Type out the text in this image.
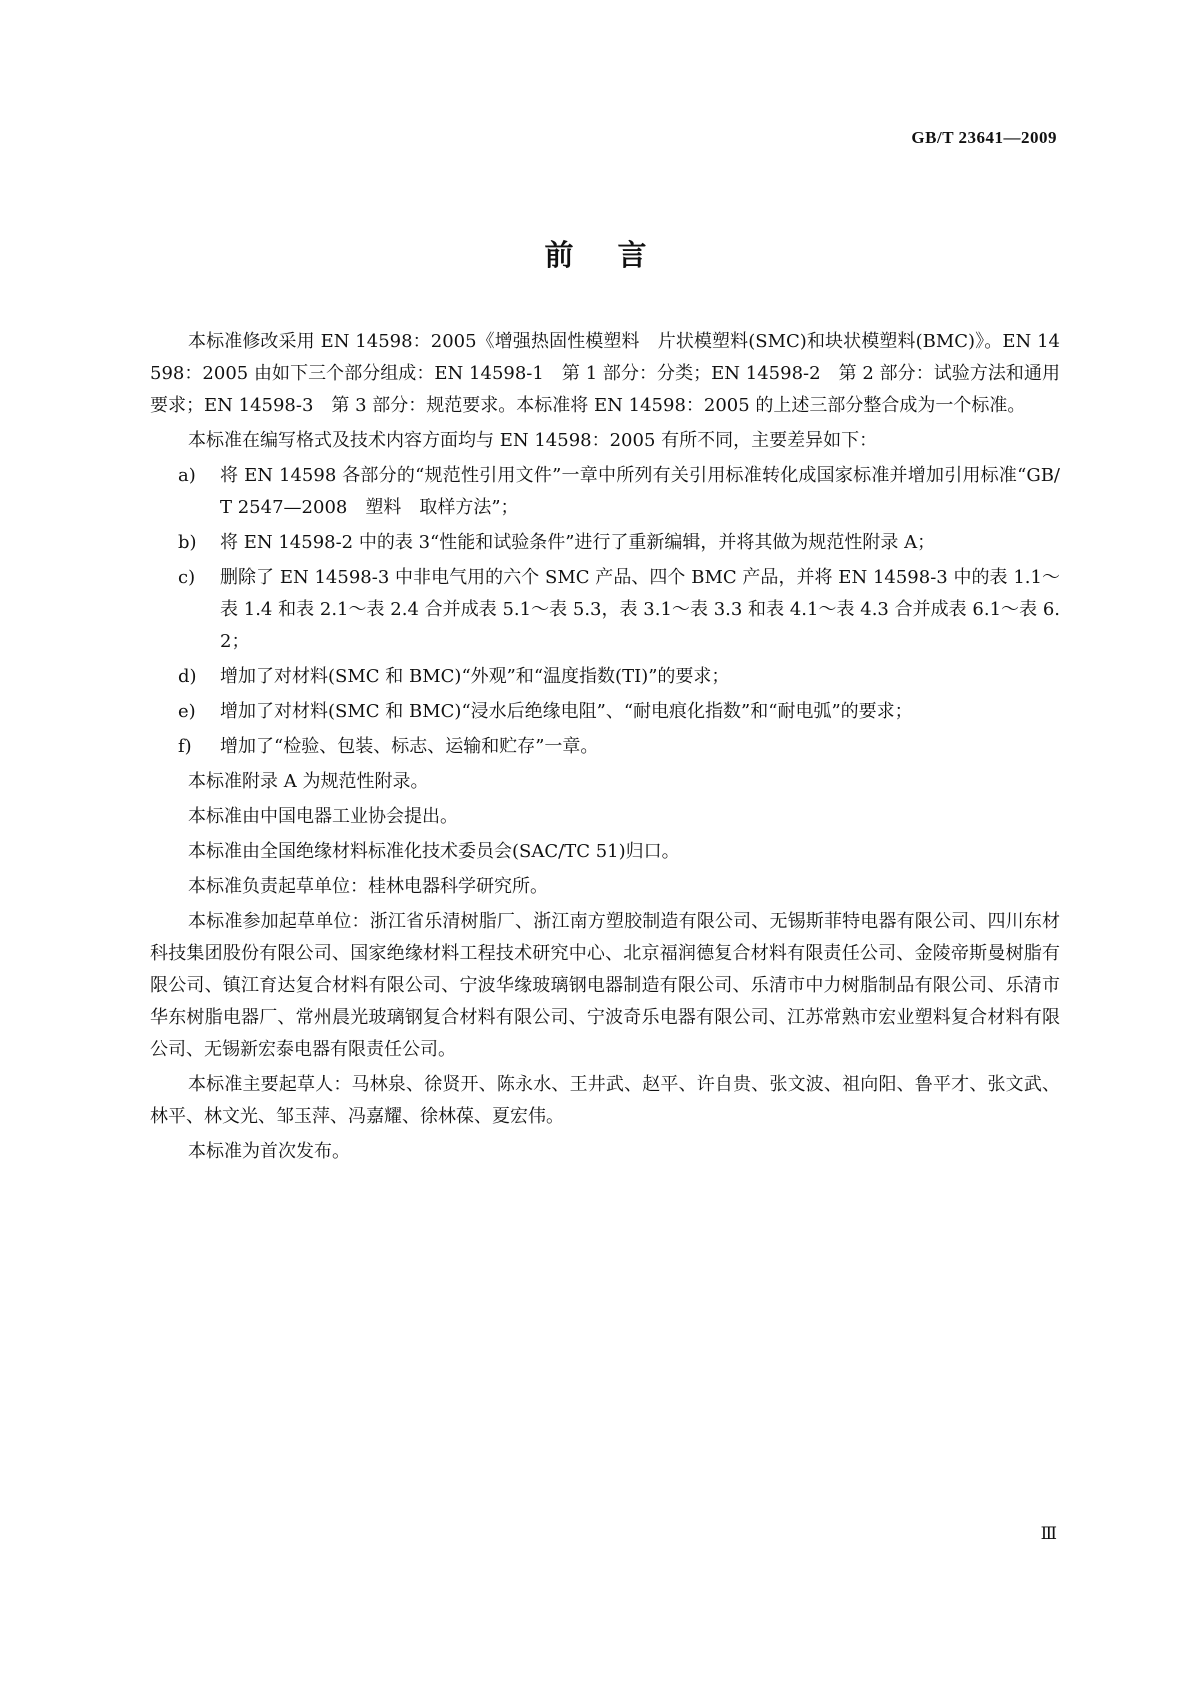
GB/T 23641—2009
前言

本标准修改采用 EN 14598：2005《增强热固性模塑料　片状模塑料(SMC)和块状模塑料(BMC)》。EN 14598：2005 由如下三个部分组成：EN 14598-1　第 1 部分：分类；EN 14598-2　第 2 部分：试验方法和通用要求；EN 14598-3　第 3 部分：规范要求。本标准将 EN 14598：2005 的上述三部分整合成为一个标准。

本标准在编写格式及技术内容方面均与 EN 14598：2005 有所不同，主要差异如下：

a) 将 EN 14598 各部分的“规范性引用文件”一章中所列有关引用标准转化成国家标准并增加引用标准“GB/T 2547—2008　塑料　取样方法”；
b) 将 EN 14598-2 中的表 3“性能和试验条件”进行了重新编辑，并将其做为规范性附录 A；
c) 删除了 EN 14598-3 中非电气用的六个 SMC 产品、四个 BMC 产品，并将 EN 14598-3 中的表 1.1～表 1.4 和表 2.1～表 2.4 合并成表 5.1～表 5.3，表 3.1～表 3.3 和表 4.1～表 4.3 合并成表 6.1～表 6.2；
d) 增加了对材料(SMC 和 BMC)“外观”和“温度指数(TI)”的要求；
e) 增加了对材料(SMC 和 BMC)“浸水后绝缘电阻”、“耐电痕化指数”和“耐电弧”的要求；
f) 增加了“检验、包装、标志、运输和贮存”一章。

本标准附录 A 为规范性附录。

本标准由中国电器工业协会提出。

本标准由全国绝缘材料标准化技术委员会(SAC/TC 51)归口。

本标准负责起草单位：桂林电器科学研究所。

本标准参加起草单位：浙江省乐清树脂厂、浙江南方塑胶制造有限公司、无锡斯菲特电器有限公司、四川东材科技集团股份有限公司、国家绝缘材料工程技术研究中心、北京福润德复合材料有限责任公司、金陵帝斯曼树脂有限公司、镇江育达复合材料有限公司、宁波华缘玻璃钢电器制造有限公司、乐清市中力树脂制品有限公司、乐清市华东树脂电器厂、常州晨光玻璃钢复合材料有限公司、宁波奇乐电器有限公司、江苏常熟市宏业塑料复合材料有限公司、无锡新宏泰电器有限责任公司。

本标准主要起草人：马林泉、徐贤开、陈永水、王井武、赵平、许自贵、张文波、祖向阳、鲁平才、张文武、林平、林文光、邹玉萍、冯嘉耀、徐林葆、夏宏伟。

本标准为首次发布。

Ⅲ
